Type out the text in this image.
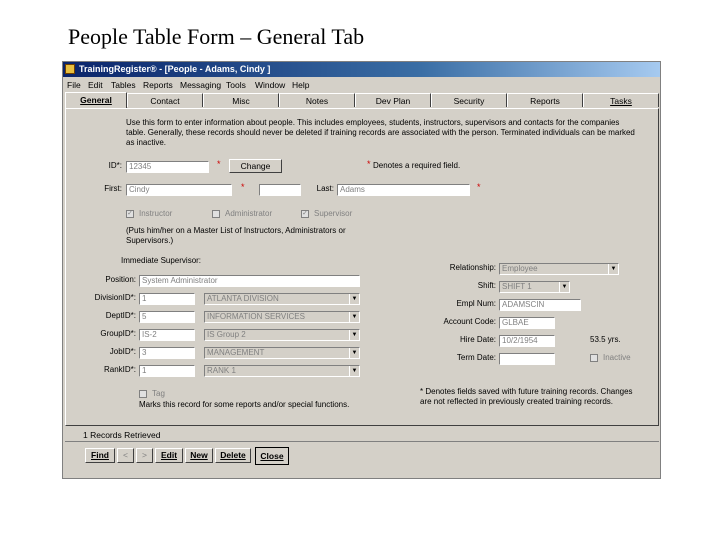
People Table Form – General Tab
TrainingRegister® - [People - Adams, Cindy ]
File Edit Tables Reports Messaging Tools Window Help
General	Contact	Misc	Notes	Dev Plan	Security	Reports	Tasks
Use this form to enter information about people. This includes employees, students, instructors, supervisors and contacts for the companies
table. Generally, these records should never be deleted if training records are associated with the person. Terminated individuals can be marked
as inactive.
ID*: 12345	*	Change	* Denotes a required field.
First: Cindy	*	Last: Adams	*
✓ Instructor	Administrator	✓ Supervisor
(Puts him/her on a Master List of Instructors, Administrators or
Supervisors.)
Immediate Supervisor:
Position: System Administrator
DivisionID*: 1	ATLANTA DIVISION	▼
DeptID*: 5	INFORMATION SERVICES	▼
GroupID*: IS-2	IS Group 2	▼
JobID*: 3	MANAGEMENT	▼
RankID*: 1	RANK 1	▼
Relationship: Employee	▼
Shift: SHIFT 1	▼
Empl Num: ADAMSCIN
Account Code: GLBAE
Hire Date: 10/2/1954	53.5 yrs.
Term Date:	Inactive
Tag
Marks this record for some reports and/or special functions.
* Denotes fields saved with future training records. Changes
are not reflected in previously created training records.
1 Records Retrieved
Find	<	>	Edit	New	Delete	Close
